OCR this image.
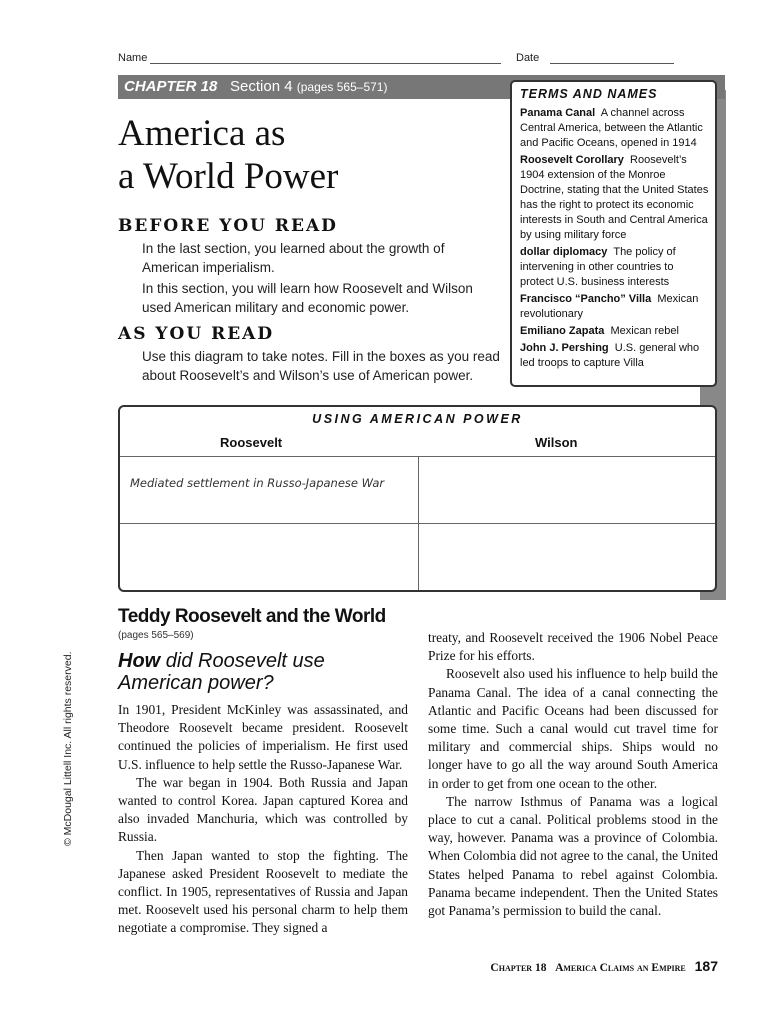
Name	Date
CHAPTER 18 Section 4 (pages 565–571)
America as
a World Power
BEFORE YOU READ
In the last section, you learned about the growth of American imperialism.
In this section, you will learn how Roosevelt and Wilson used American military and economic power.
AS YOU READ
Use this diagram to take notes. Fill in the boxes as you read about Roosevelt’s and Wilson’s use of American power.
TERMS AND NAMES
Panama Canal A channel across Central America, between the Atlantic and Pacific Oceans, opened in 1914
Roosevelt Corollary Roosevelt’s 1904 extension of the Monroe Doctrine, stating that the United States has the right to protect its economic interests in South and Central America by using military force
dollar diplomacy The policy of intervening in other countries to protect U.S. business interests
Francisco “Pancho” Villa Mexican revolutionary
Emiliano Zapata Mexican rebel
John J. Pershing U.S. general who led troops to capture Villa
USING AMERICAN POWER
Roosevelt	Wilson
Mediated settlement in Russo-Japanese War
Teddy Roosevelt and the World
(pages 565–569)
How did Roosevelt use American power?

In 1901, President McKinley was assassinated, and Theodore Roosevelt became president. Roosevelt continued the policies of imperialism. He first used U.S. influence to help settle the Russo-Japanese War.

The war began in 1904. Both Russia and Japan wanted to control Korea. Japan captured Korea and also invaded Manchuria, which was controlled by Russia.

Then Japan wanted to stop the fighting. The Japanese asked President Roosevelt to mediate the conflict. In 1905, representatives of Russia and Japan met. Roosevelt used his personal charm to help them negotiate a compromise. They signed a

treaty, and Roosevelt received the 1906 Nobel Peace Prize for his efforts.

Roosevelt also used his influence to help build the Panama Canal. The idea of a canal connecting the Atlantic and Pacific Oceans had been discussed for some time. Such a canal would cut travel time for military and commercial ships. Ships would no longer have to go all the way around South America in order to get from one ocean to the other.

The narrow Isthmus of Panama was a logical place to cut a canal. Political problems stood in the way, however. Panama was a province of Colombia. When Colombia did not agree to the canal, the United States helped Panama to rebel against Colombia. Panama became independent. Then the United States got Panama’s permission to build the canal.

© McDougal Littell Inc. All rights reserved.
Chapter 18 America Claims an Empire 187
